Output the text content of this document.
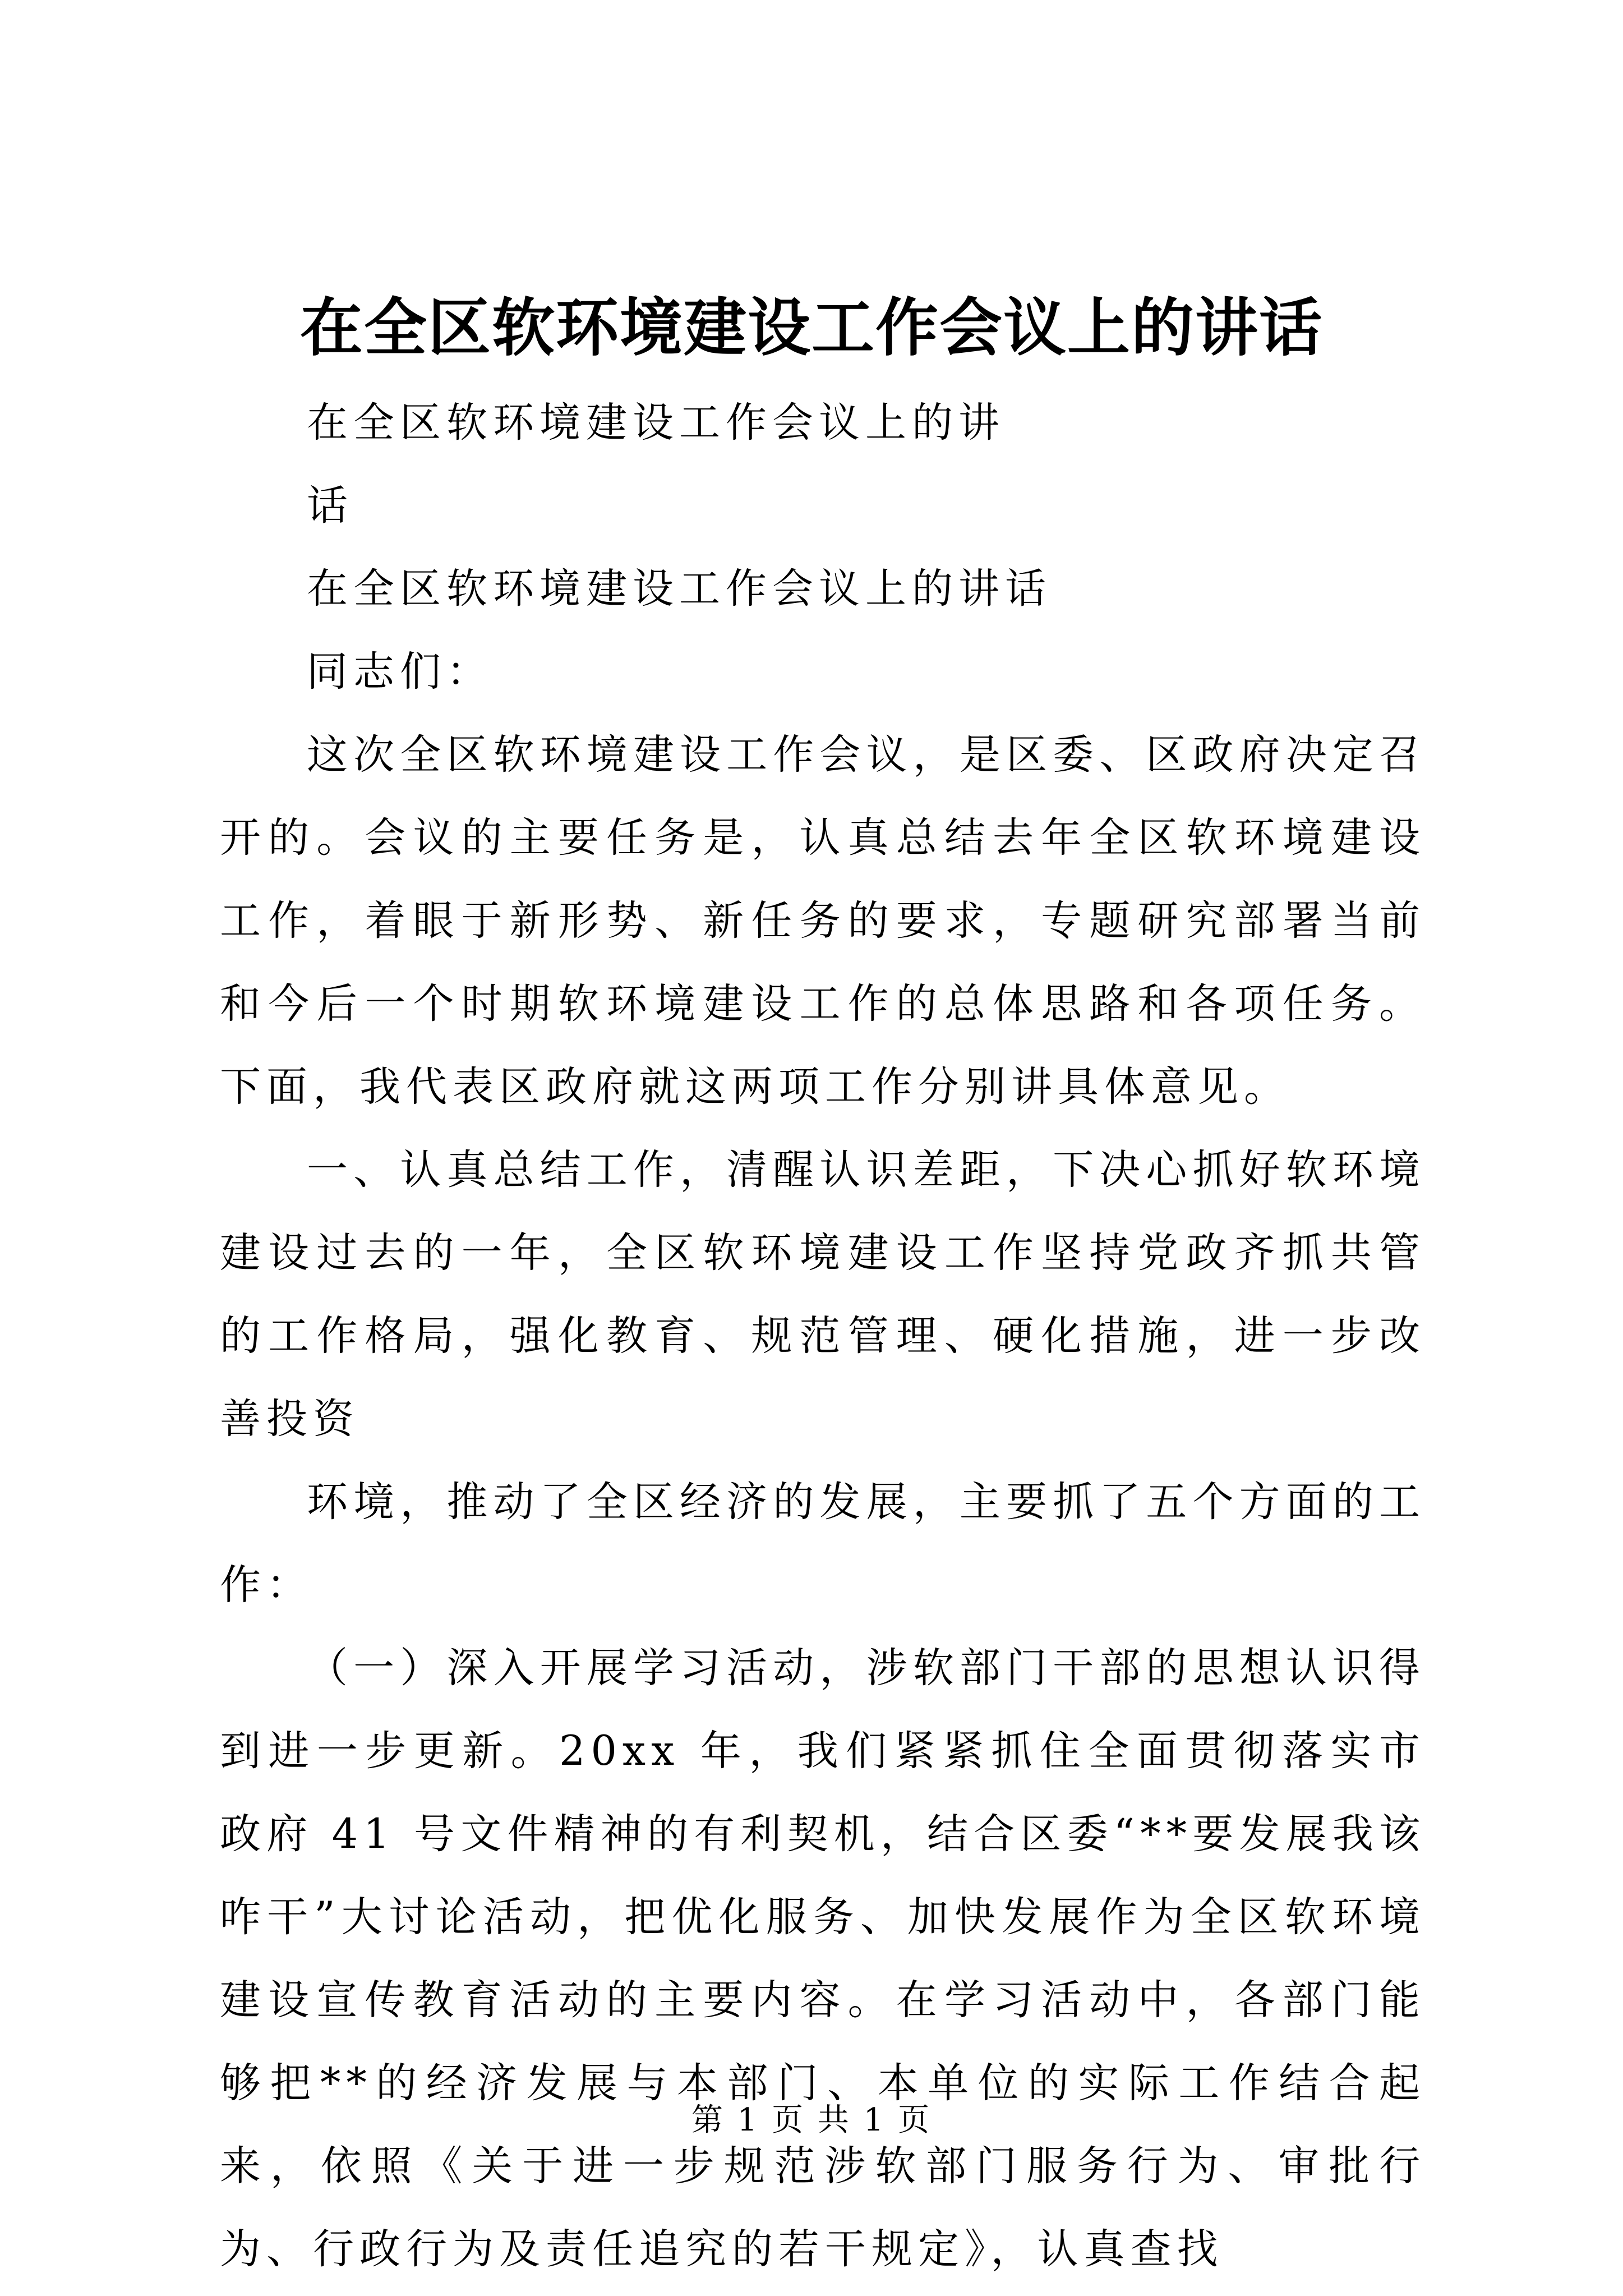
在全区软环境建设工作会议上的讲话

在全区软环境建设工作会议上的讲

话

在全区软环境建设工作会议上的讲话

同志们：

这次全区软环境建设工作会议，是区委、区政府决定召开的。会议的主要任务是，认真总结去年全区软环境建设工作，着眼于新形势、新任务的要求，专题研究部署当前和今后一个时期软环境建设工作的总体思路和各项任务。下面，我代表区政府就这两项工作分别讲具体意见。

一、认真总结工作，清醒认识差距，下决心抓好软环境建设过去的一年，全区软环境建设工作坚持党政齐抓共管的工作格局，强化教育、规范管理、硬化措施，进一步改善投资

环境，推动了全区经济的发展，主要抓了五个方面的工作：

（一）深入开展学习活动，涉软部门干部的思想认识得到进一步更新。20xx 年，我们紧紧抓住全面贯彻落实市政府 41 号文件精神的有利契机，结合区委“**要发展我该咋干”大讨论活动，把优化服务、加快发展作为全区软环境建设宣传教育活动的主要内容。在学习活动中，各部门能够把**的经济发展与本部门、本单位的实际工作结合起来，依照《关于进一步规范涉软部门服务行为、审批行为、行政行为及责任追究的若干规定》，认真查找

第 1 页 共 1 页
